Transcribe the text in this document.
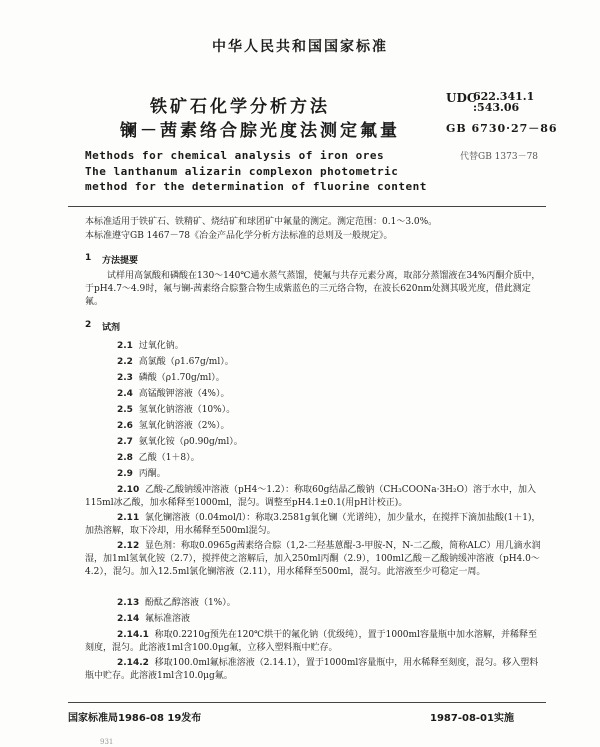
中华人民共和国国家标准
铁矿石化学分析方法
镧－茜素络合腙光度法测定氟量
UDC
622.341.1
:543.06
GB 6730·27－86
Methods for chemical analysis of iron ores
The lanthanum alizarin complexon photometric
method for the determination of fluorine content
代替GB 1373－78
本标准适用于铁矿石、铁精矿、烧结矿和球团矿中氟量的测定。测定范围：0.1～3.0%。
本标准遵守GB 1467－78《冶金产品化学分析方法标准的总则及一般规定》。
1 方法提要
试样用高氯酸和磷酸在130～140℃通水蒸气蒸馏，使氟与共存元素分离，取部分蒸馏液在34%丙酮介质中，于pH4.7～4.9时，氟与镧-茜素络合腙螯合物生成紫蓝色的三元络合物，在波长620nm处测其吸光度，借此测定氟。
2 试剂
2.1 过氧化钠。
2.2 高氯酸（ρ1.67g/ml）。
2.3 磷酸（ρ1.70g/ml）。
2.4 高锰酸钾溶液（4%）。
2.5 氢氧化钠溶液（10%）。
2.6 氢氧化钠溶液（2%）。
2.7 氨氧化铵（ρ0.90g/ml）。
2.8 乙酸（1＋8）。
2.9 丙酮。
2.10 乙酸-乙酸钠缓冲溶液（pH4～1.2）：称取60g结晶乙酸钠（CH₃COONa·3H₂O）溶于水中，加入115ml冰乙酸，加水稀释至1000ml，混匀。调整至pH4.1±0.1(用pH计校正)。
2.11 氯化镧溶液（0.04mol/l）：称取3.2581g氧化镧（光谱纯），加少量水，在搅拌下滴加盐酸(1＋1)，加热溶解，取下冷却，用水稀释至500ml混匀。
2.12 显色剂：称取0.0965g茜素络合腙（1,2-二羟基蒽醌-3-甲胺-N，N-二乙酸，简称ALC）用几滴水润湿，加1ml氢氧化铵（2.7），搅拌使之溶解后，加入250ml丙酮（2.9），100ml乙酸－乙酸钠缓冲溶液（pH4.0～4.2），混匀。加入12.5ml氯化镧溶液（2.11），用水稀释至500ml，混匀。此溶液至少可稳定一周。
2.13 酚酞乙醇溶液（1%）。
2.14 氟标准溶液
2.14.1 称取0.2210g预先在120℃烘干的氟化钠（优级纯），置于1000ml容量瓶中加水溶解，并稀释至刻度，混匀。此溶液1ml含100.0μg氟，立移入塑料瓶中贮存。
2.14.2 移取100.0ml氟标准溶液（2.14.1），置于1000ml容量瓶中，用水稀释至刻度，混匀。移入塑料瓶中贮存。此溶液1ml含10.0μg氟。
国家标准局1986-08 19发布	1987-08-01实施
931
